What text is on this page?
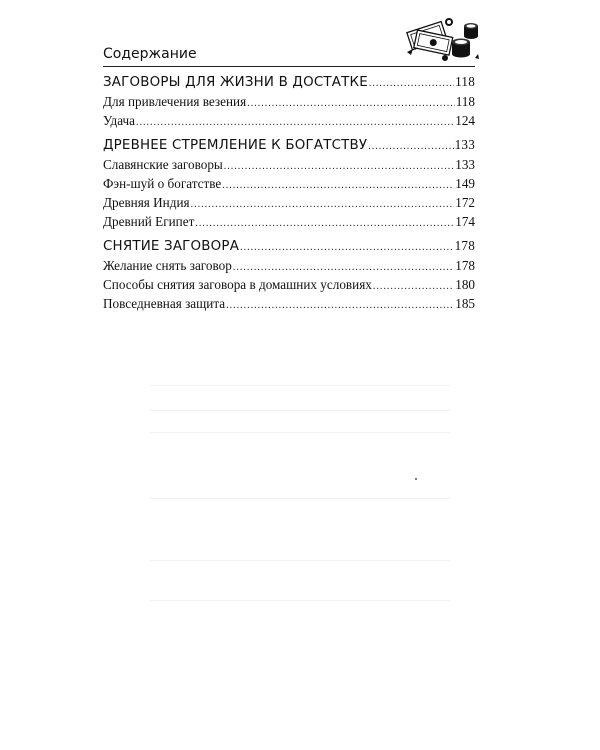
Содержание
ЗАГОВОРЫ ДЛЯ ЖИЗНИ В ДОСТАТКЕ .....	118
Для привлечения везения .....	118
Удача .....	124
ДРЕВНЕЕ СТРЕМЛЕНИЕ К БОГАТСТВУ .....	133
Славянские заговоры .....	133
Фэн-шуй о богатстве .....	149
Древняя Индия .....	172
Древний Египет .....	174
СНЯТИЕ ЗАГОВОРА .....	178
Желание снять заговор .....	178
Способы снятия заговора в домашних условиях .....	180
Повседневная защита .....	185
